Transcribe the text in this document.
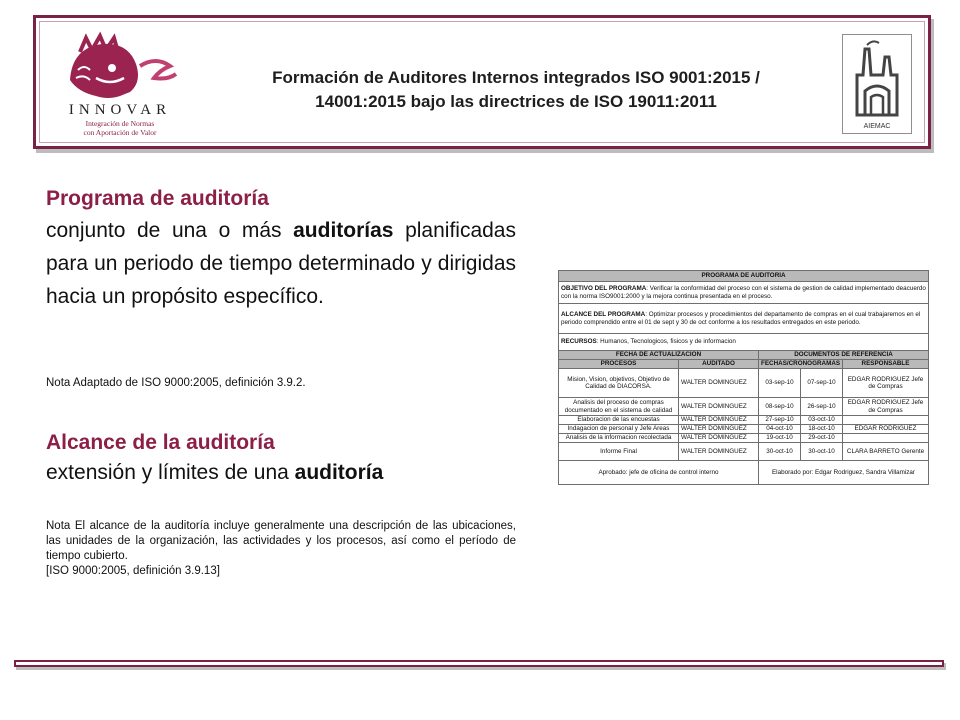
INNOVAR
Integración de Normas
con Aportación de Valor
Formación de Auditores Internos integrados ISO 9001:2015 /
14001:2015 bajo las directrices de ISO 19011:2011
AIEMAC
Programa de auditoría
conjunto de una o más auditorías planificadas para un periodo de tiempo determinado y dirigidas hacia un propósito específico.
Nota Adaptado de ISO 9000:2005, definición 3.9.2.
Alcance de la auditoría
extensión y límites de una auditoría
Nota El alcance de la auditoría incluye generalmente una descripción de las ubicaciones, las unidades de la organización, las actividades y los procesos, así como el período de tiempo cubierto.
[ISO 9000:2005, definición 3.9.13]
PROGRAMA DE AUDITORIA				
OBJETIVO DEL PROGRAMA: Verificar la conformidad del proceso con el sistema de gestion de calidad implementado deacuerdo con la norma ISO9001:2000 y la mejora continua presentada en el proceso.				
ALCANCE DEL PROGRAMA: Optimizar procesos y procedimientos del departamento de compras en el cual trabajaremos en el periodo comprendido entre el 01 de sept y 30 de oct conforme a los resultados entregados en este periodo.				
RECURSOS: Humanos, Tecnologicos, fisicos y de informacion				
FECHA DE ACTUALIZACION		DOCUMENTOS DE REFERENCIA		
PROCESOS	AUDITADO	FECHAS/CRONOGRAMAS		RESPONSABLE
Mision, Vision, objetivos, Objetivo de Calidad de DIACORSA.	WALTER DOMINGUEZ	03-sep-10	07-sep-10	EDGAR RODRIGUEZ Jefe de Compras
Analisis del proceso de compras documentado en el sistema de calidad	WALTER DOMINGUEZ	08-sep-10	26-sep-10	EDGAR RODRIGUEZ Jefe de Compras
Elaboracion de las encuestas	WALTER DOMINGUEZ	27-sep-10	03-oct-10	
Indagacion de personal y Jefe Areas	WALTER DOMINGUEZ	04-oct-10	18-oct-10	EDGAR RODRIGUEZ
Analisis de la informacion recolectada	WALTER DOMINGUEZ	19-oct-10	29-oct-10	
Informe Final	WALTER DOMINGUEZ	30-oct-10	30-oct-10	CLARA BARRETO Gerente
Aprobado: jefe de oficina de control interno		Elaborado por: Edgar Rodriguez, Sandra Villamizar		
